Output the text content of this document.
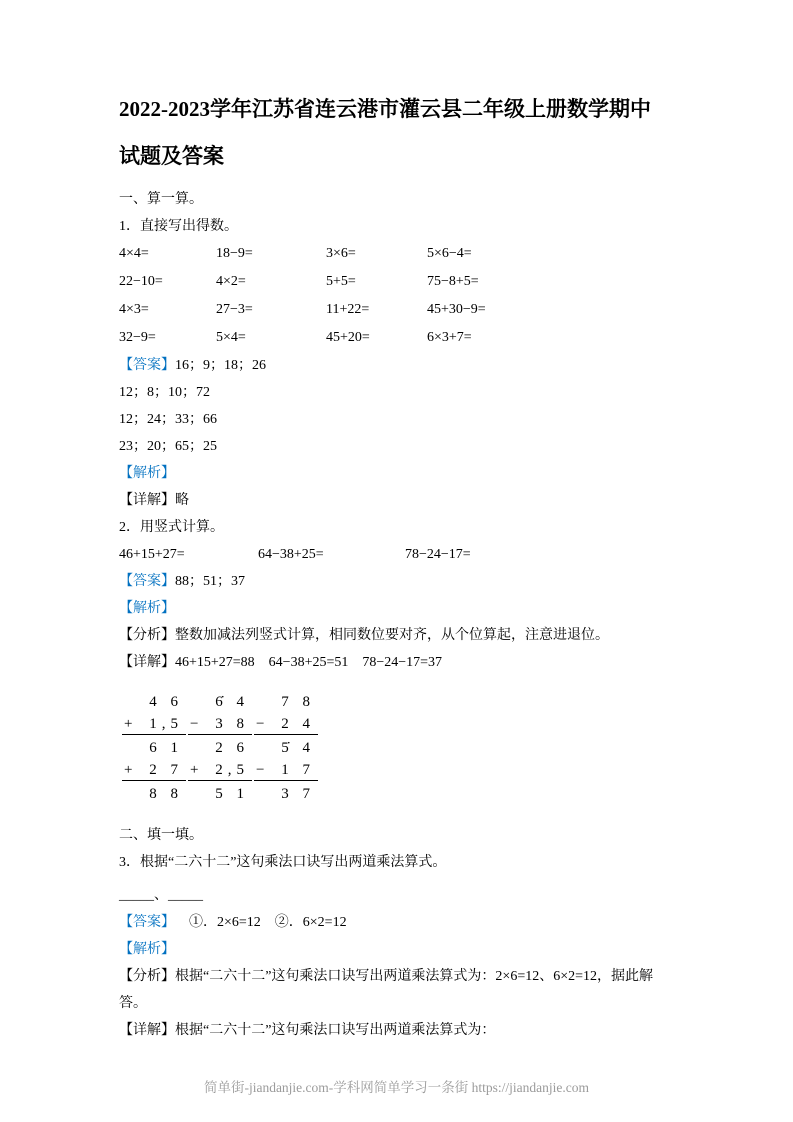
2022-2023学年江苏省连云港市灌云县二年级上册数学期中
试题及答案

一、算一算。

1．直接写出得数。

4×4=	18−9=	3×6=	5×6−4=
22−10=	4×2=	5+5=	75−8+5=
4×3=	27−3=	11+22=	45+30−9=
32−9=	5×4=	45+20=	6×3+7=

【答案】16；9；18；26

12；8；10；72

12；24；33；66

23；20；65；25

【解析】

【详解】略

2．用竖式计算。

46+15+27=	64−38+25=	78−24−17=

【答案】88；51；37

【解析】

【分析】整数加减法列竖式计算，相同数位要对齐，从个位算起，注意进退位。

【详解】46+15+27=88    64−38+25=51    78−24−17=37

4 6
+ 1,5
6 1
+ 2 7
8 8
6̇ 4
− 3 8
2 6
+ 2,5
5 1
7 8
− 2 4
5̇ 4
− 1 7
3 7

二、填一填。

3．根据“二六十二”这句乘法口诀写出两道乘法算式。

_____、_____

【答案】    ①．2×6=12    ②．6×2=12

【解析】

【分析】根据“二六十二”这句乘法口诀写出两道乘法算式为：2×6=12、6×2=12，据此解答。

【详解】根据“二六十二”这句乘法口诀写出两道乘法算式为：

简单街-jiandanjie.com-学科网简单学习一条街 https://jiandanjie.com
